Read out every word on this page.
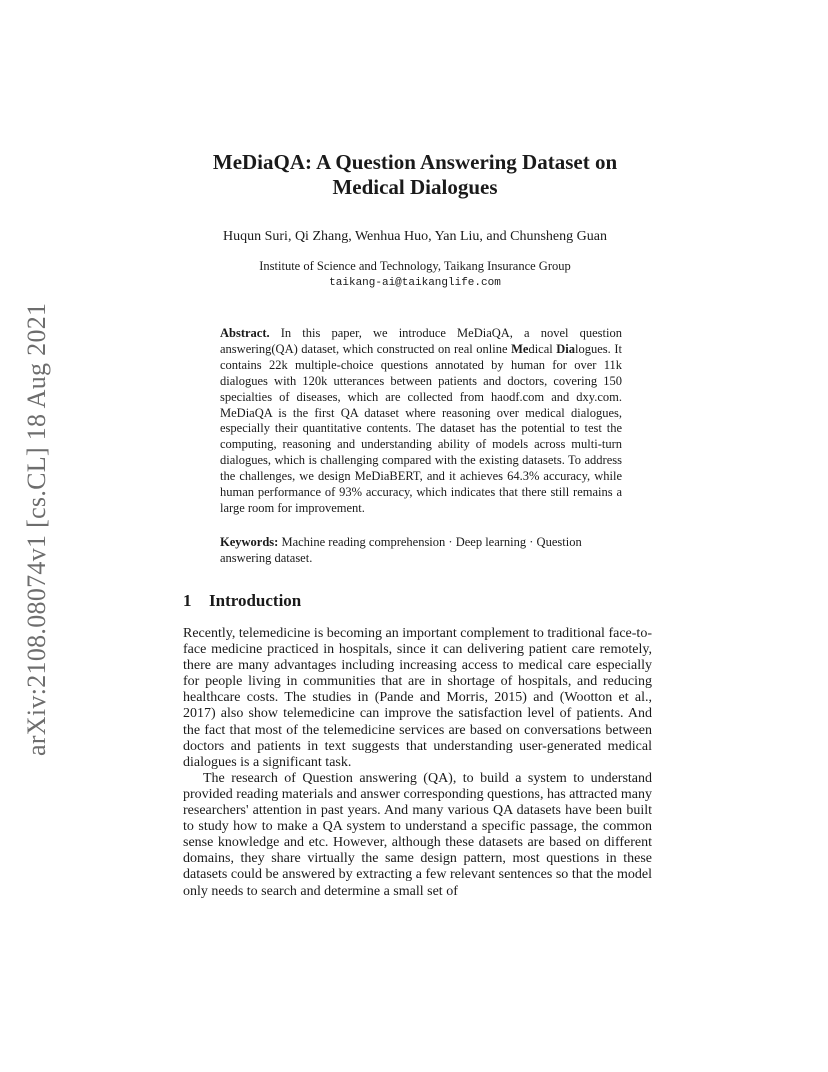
arXiv:2108.08074v1 [cs.CL] 18 Aug 2021
MeDiaQA: A Question Answering Dataset on
Medical Dialogues
Huqun Suri, Qi Zhang, Wenhua Huo, Yan Liu, and Chunsheng Guan
Institute of Science and Technology, Taikang Insurance Group
taikang-ai@taikanglife.com
Abstract. In this paper, we introduce MeDiaQA, a novel question answering(QA) dataset, which constructed on real online Medical Dialogues. It contains 22k multiple-choice questions annotated by human for over 11k dialogues with 120k utterances between patients and doctors, covering 150 specialties of diseases, which are collected from haodf.com and dxy.com. MeDiaQA is the first QA dataset where reasoning over medical dialogues, especially their quantitative contents. The dataset has the potential to test the computing, reasoning and understanding ability of models across multi-turn dialogues, which is challenging compared with the existing datasets. To address the challenges, we design MeDiaBERT, and it achieves 64.3% accuracy, while human performance of 93% accuracy, which indicates that there still remains a large room for improvement.
Keywords: Machine reading comprehension · Deep learning · Question answering dataset.
1 Introduction

Recently, telemedicine is becoming an important complement to traditional face-to-face medicine practiced in hospitals, since it can delivering patient care remotely, there are many advantages including increasing access to medical care especially for people living in communities that are in shortage of hospitals, and reducing healthcare costs. The studies in (Pande and Morris, 2015) and (Wootton et al., 2017) also show telemedicine can improve the satisfaction level of patients. And the fact that most of the telemedicine services are based on conversations between doctors and patients in text suggests that understanding user-generated medical dialogues is a significant task.

The research of Question answering (QA), to build a system to understand provided reading materials and answer corresponding questions, has attracted many researchers' attention in past years. And many various QA datasets have been built to study how to make a QA system to understand a specific passage, the common sense knowledge and etc. However, although these datasets are based on different domains, they share virtually the same design pattern, most questions in these datasets could be answered by extracting a few relevant sentences so that the model only needs to search and determine a small set of
